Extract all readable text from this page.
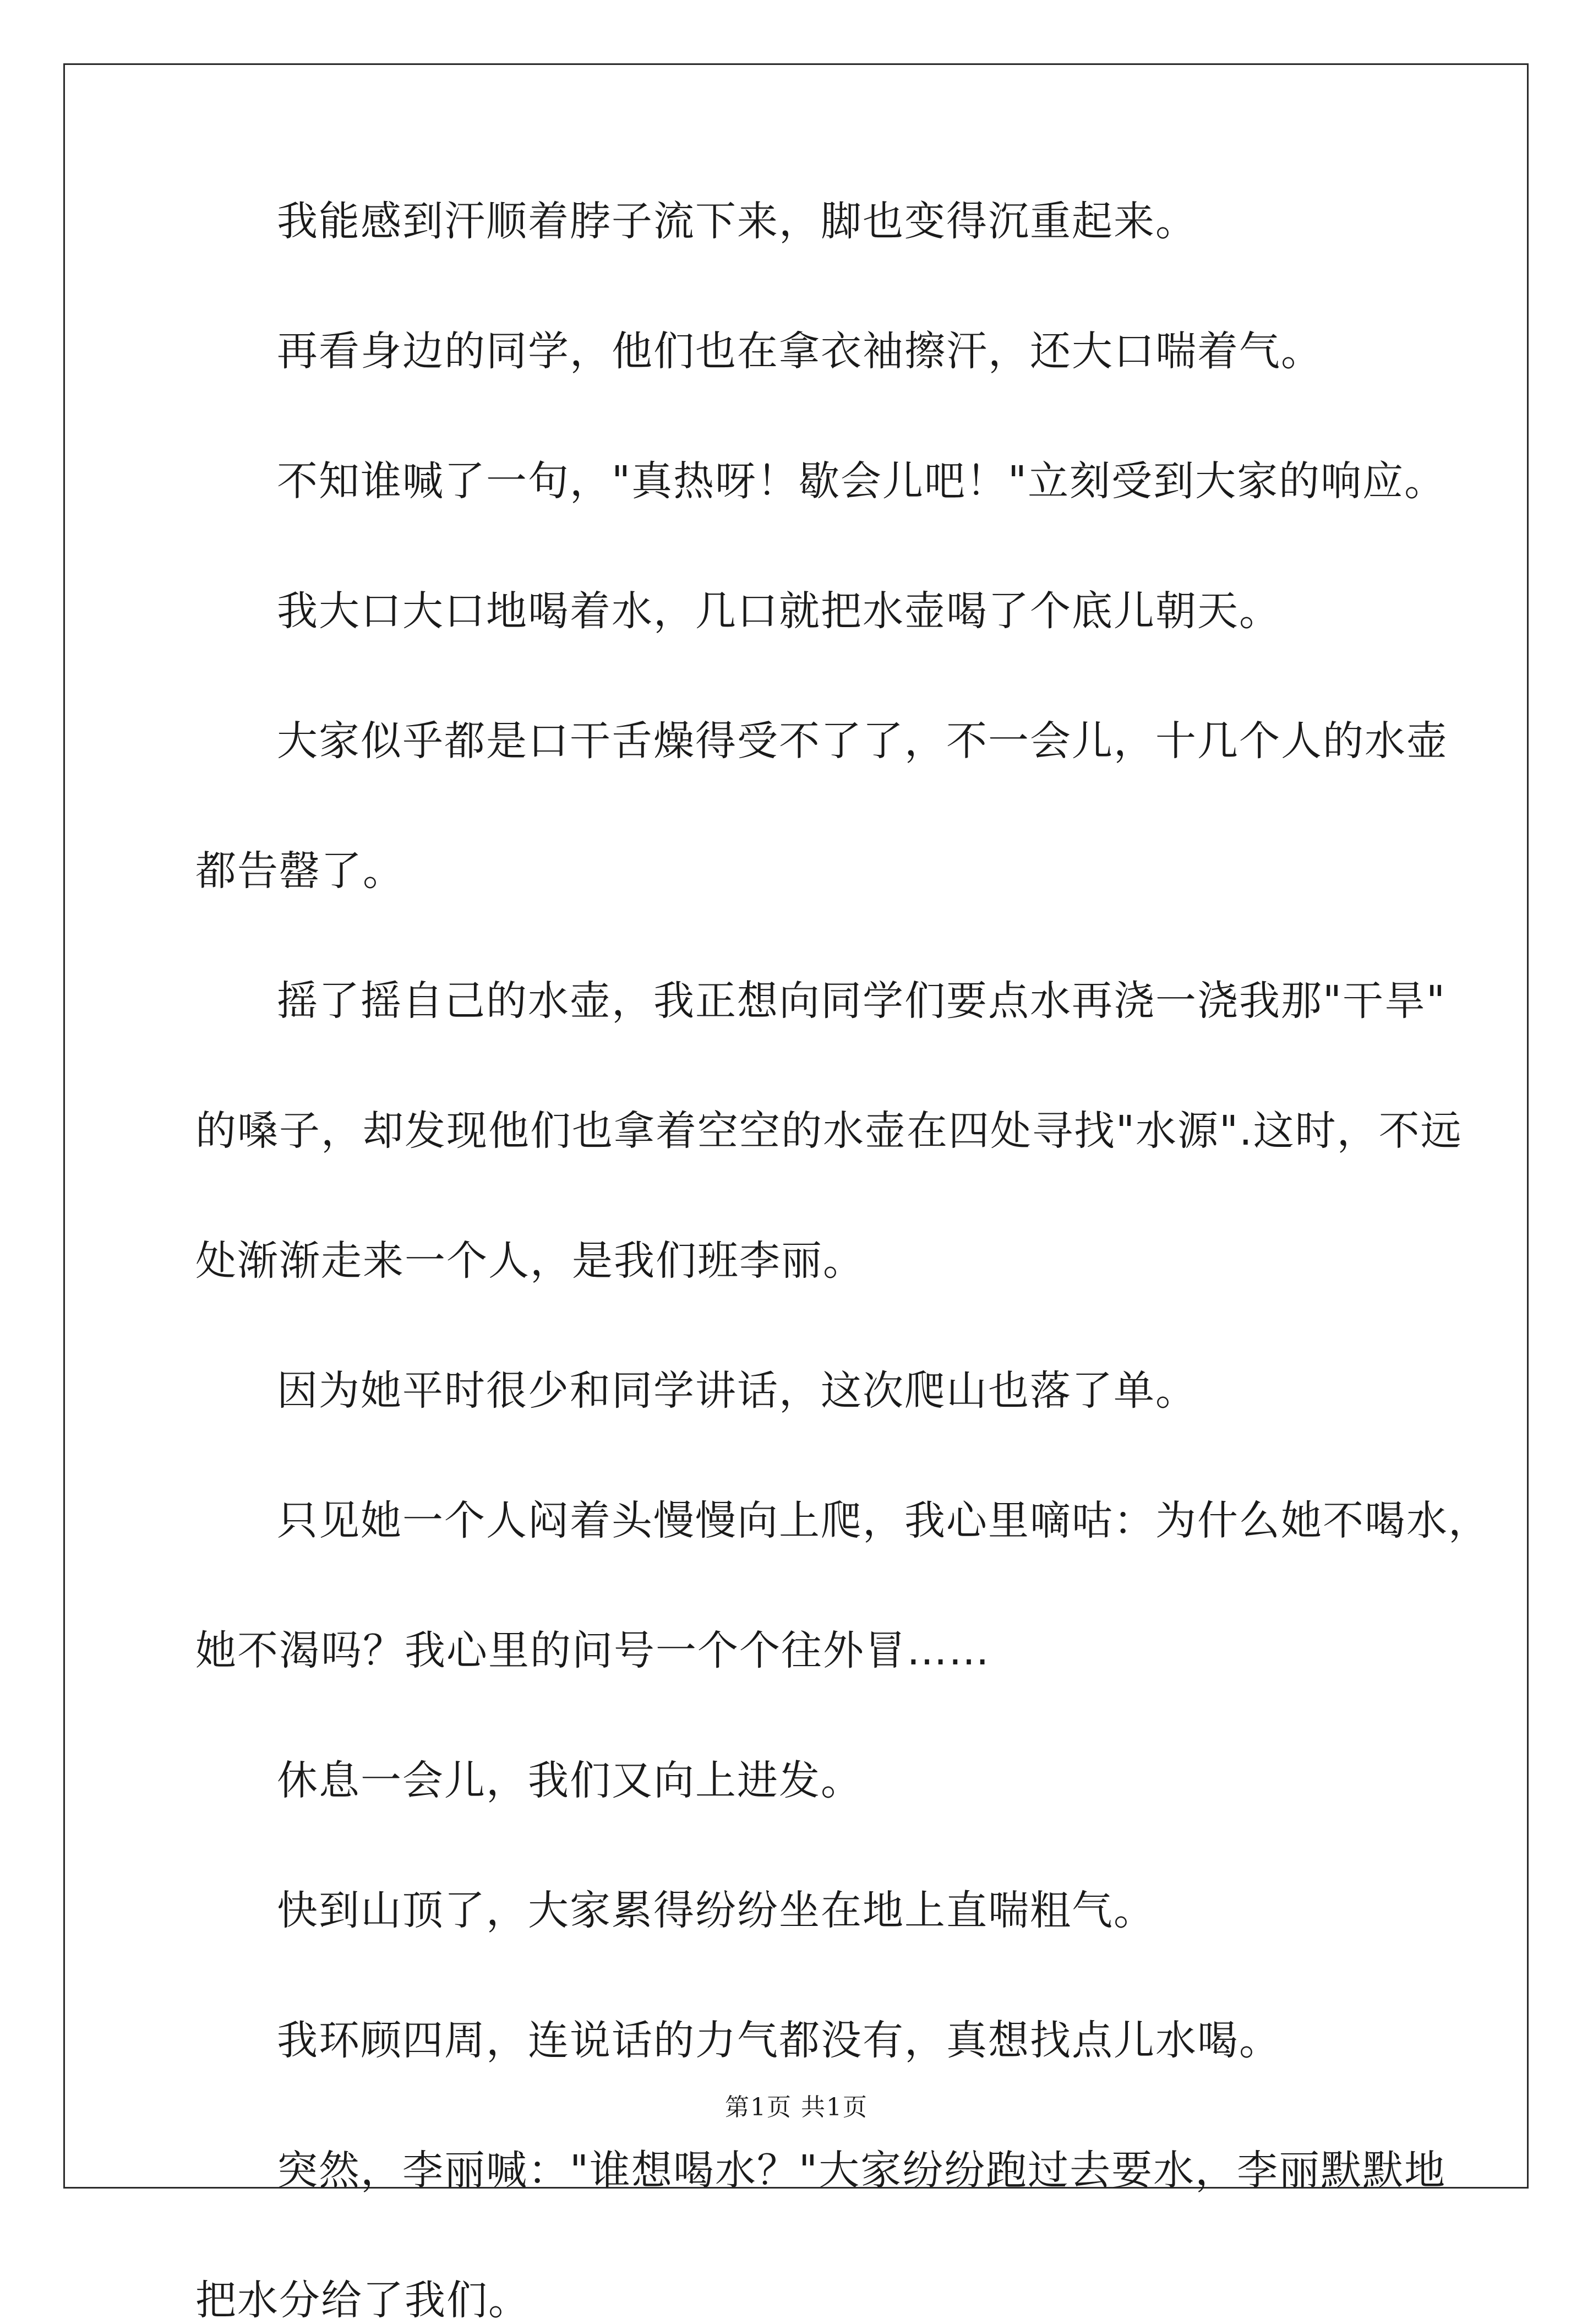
我能感到汗顺着脖子流下来，脚也变得沉重起来。
再看身边的同学，他们也在拿衣袖擦汗，还大口喘着气。
不知谁喊了一句，"真热呀！歇会儿吧！"立刻受到大家的响应。
我大口大口地喝着水，几口就把水壶喝了个底儿朝天。
大家似乎都是口干舌燥得受不了了，不一会儿，十几个人的水壶
都告罄了。
摇了摇自己的水壶，我正想向同学们要点水再浇一浇我那"干旱"
的嗓子，却发现他们也拿着空空的水壶在四处寻找"水源".这时，不远
处渐渐走来一个人，是我们班李丽。
因为她平时很少和同学讲话，这次爬山也落了单。
只见她一个人闷着头慢慢向上爬，我心里嘀咕：为什么她不喝水，
她不渴吗？我心里的问号一个个往外冒……
休息一会儿，我们又向上进发。
快到山顶了，大家累得纷纷坐在地上直喘粗气。
我环顾四周，连说话的力气都没有，真想找点儿水喝。
突然，李丽喊："谁想喝水？"大家纷纷跑过去要水，李丽默默地
把水分给了我们。
第1页 共1页
